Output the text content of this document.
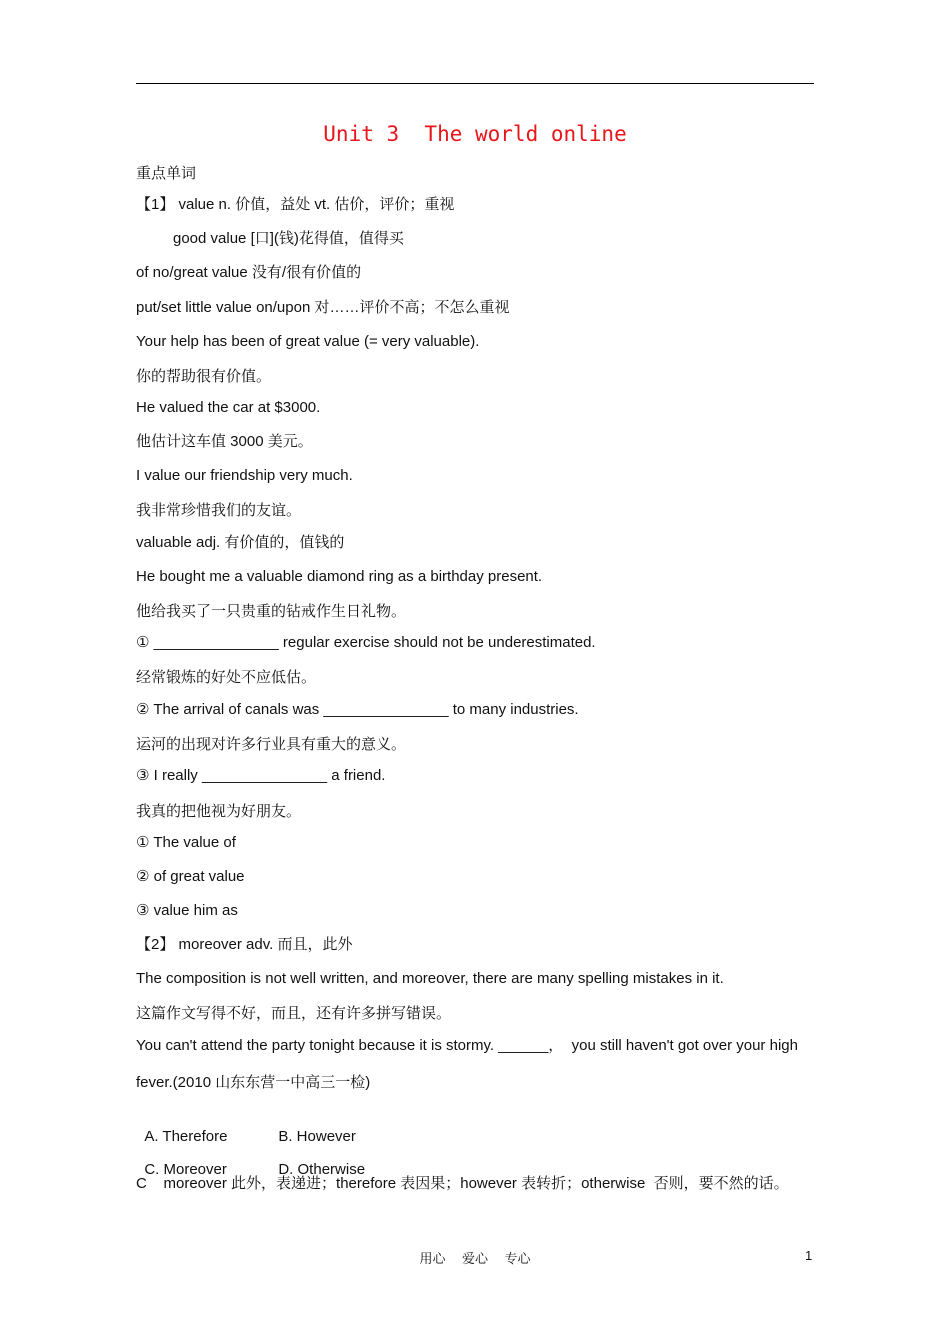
Unit 3  The world online
重点单词
【1】 value n. 价值，益处 vt. 估价，评价；重视
good value [口](钱)花得值，值得买
of no/great value 没有/很有价值的
put/set little value on/upon 对……评价不高；不怎么重视
Your help has been of great value (= very valuable).
你的帮助很有价值。
He valued the car at $3000.
他估计这车值 3000 美元。
I value our friendship very much.
我非常珍惜我们的友谊。
valuable adj. 有价值的，值钱的
He bought me a valuable diamond ring as a birthday present.
他给我买了一只贵重的钻戒作生日礼物。
① _______________ regular exercise should not be underestimated.
经常锻炼的好处不应低估。
② The arrival of canals was _______________ to many industries.
运河的出现对许多行业具有重大的意义。
③ I really _______________ a friend.
我真的把他视为好朋友。
① The value of
② of great value
③ value him as
【2】 moreover adv. 而且，此外
The composition is not well written, and moreover, there are many spelling mistakes in it.
这篇作文写得不好，而且，还有许多拼写错误。
You can't attend the party tonight because it is stormy. ______，  you still haven't got over your high
fever.(2010 山东东营一中高三一检)

A. Therefore	B. However

C. Moreover	D. Otherwise

C    moreover 此外，表递进；therefore 表因果；however 表转折；otherwise  否则，要不然的话。
用心    爱心    专心	1
